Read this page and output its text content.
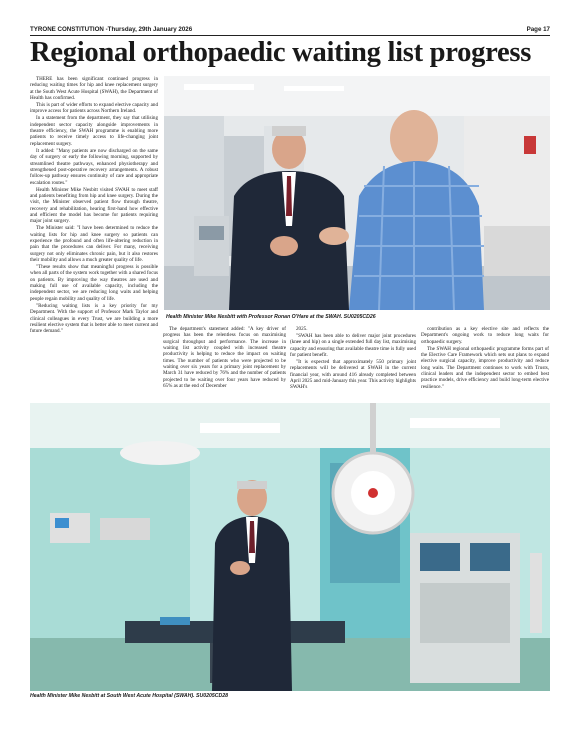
TYRONE CONSTITUTION -Thursday, 29th January 2026	Page 17
Regional orthopaedic waiting list progress

THERE has been significant continued progress in reducing waiting times for hip and knee replacement surgery at the South West Acute Hospital (SWAH), the Department of Health has confirmed.

This is part of wider efforts to expand elective capacity and improve access for patients across Northern Ireland.

In a statement from the department, they say that utilising independent sector capacity alongside improvements in theatre efficiency, the SWAH programme is enabling more patients to receive timely access to life-changing joint replacement surgery.

It added: "Many patients are now discharged on the same day of surgery or early the following morning, supported by streamlined theatre pathways, enhanced physiotherapy and strengthened post-operative recovery arrangements. A robust follow-up pathway ensures continuity of care and appropriate escalation routes."

Health Minister Mike Nesbitt visited SWAH to meet staff and patients benefiting from hip and knee surgery. During the visit, the Minister observed patient flow through theatre, recovery and rehabilitation, hearing first-hand how effective and efficient the model has become for patients requiring major joint surgery.

The Minister said: "I have been determined to reduce the waiting lists for hip and knee surgery so patients can experience the profound and often life-altering reduction in pain that the procedures can deliver. For many, receiving surgery not only eliminates chronic pain, but it also restores their mobility and allows a much greater quality of life.

"These results show that meaningful progress is possible when all parts of the system work together with a shared focus on patients. By improving the way theatres are used and making full use of available capacity, including the independent sector, we are reducing long waits and helping people regain mobility and quality of life.

"Reducing waiting lists is a key priority for my Department. With the support of Professor Mark Taylor and clinical colleagues in every Trust, we are building a more resilient elective system that is better able to meet current and future demand."

Health Minister Mike Nesbitt with Professor Ronan O'Hare at the SWAH. SU0205CD26

The department's statement added: "A key driver of progress has been the relentless focus on maximising surgical throughput and performance. The increase in waiting list activity coupled with increased theatre productivity is helping to reduce the impact on waiting times. The number of patients who were projected to be waiting over six years for a primary joint replacement by March 31 have reduced by 76% and the number of patients projected to be waiting over four years have reduced by 65% as at the end of December

2025.

"SWAH has been able to deliver major joint procedures (knee and hip) on a single extended full day list, maximising capacity and ensuring that available theatre time is fully used for patient benefit.

"It is expected that approximately 550 primary joint replacements will be delivered at SWAH in the current financial year, with around 416 already completed between April 2025 and mid-January this year. This activity highlights SWAH's

contribution as a key elective site and reflects the Department's ongoing work to reduce long waits for orthopaedic surgery.

The SWAH regional orthopaedic programme forms part of the Elective Care Framework which sets out plans to expand elective surgical capacity, improve productivity and reduce long waits. The Department continues to work with Trusts, clinical leaders and the independent sector to embed best practice models, drive efficiency and build long-term elective resilience."

Health Minister Mike Nesbitt at South West Acute Hospital (SWAH). SU0205CD28
